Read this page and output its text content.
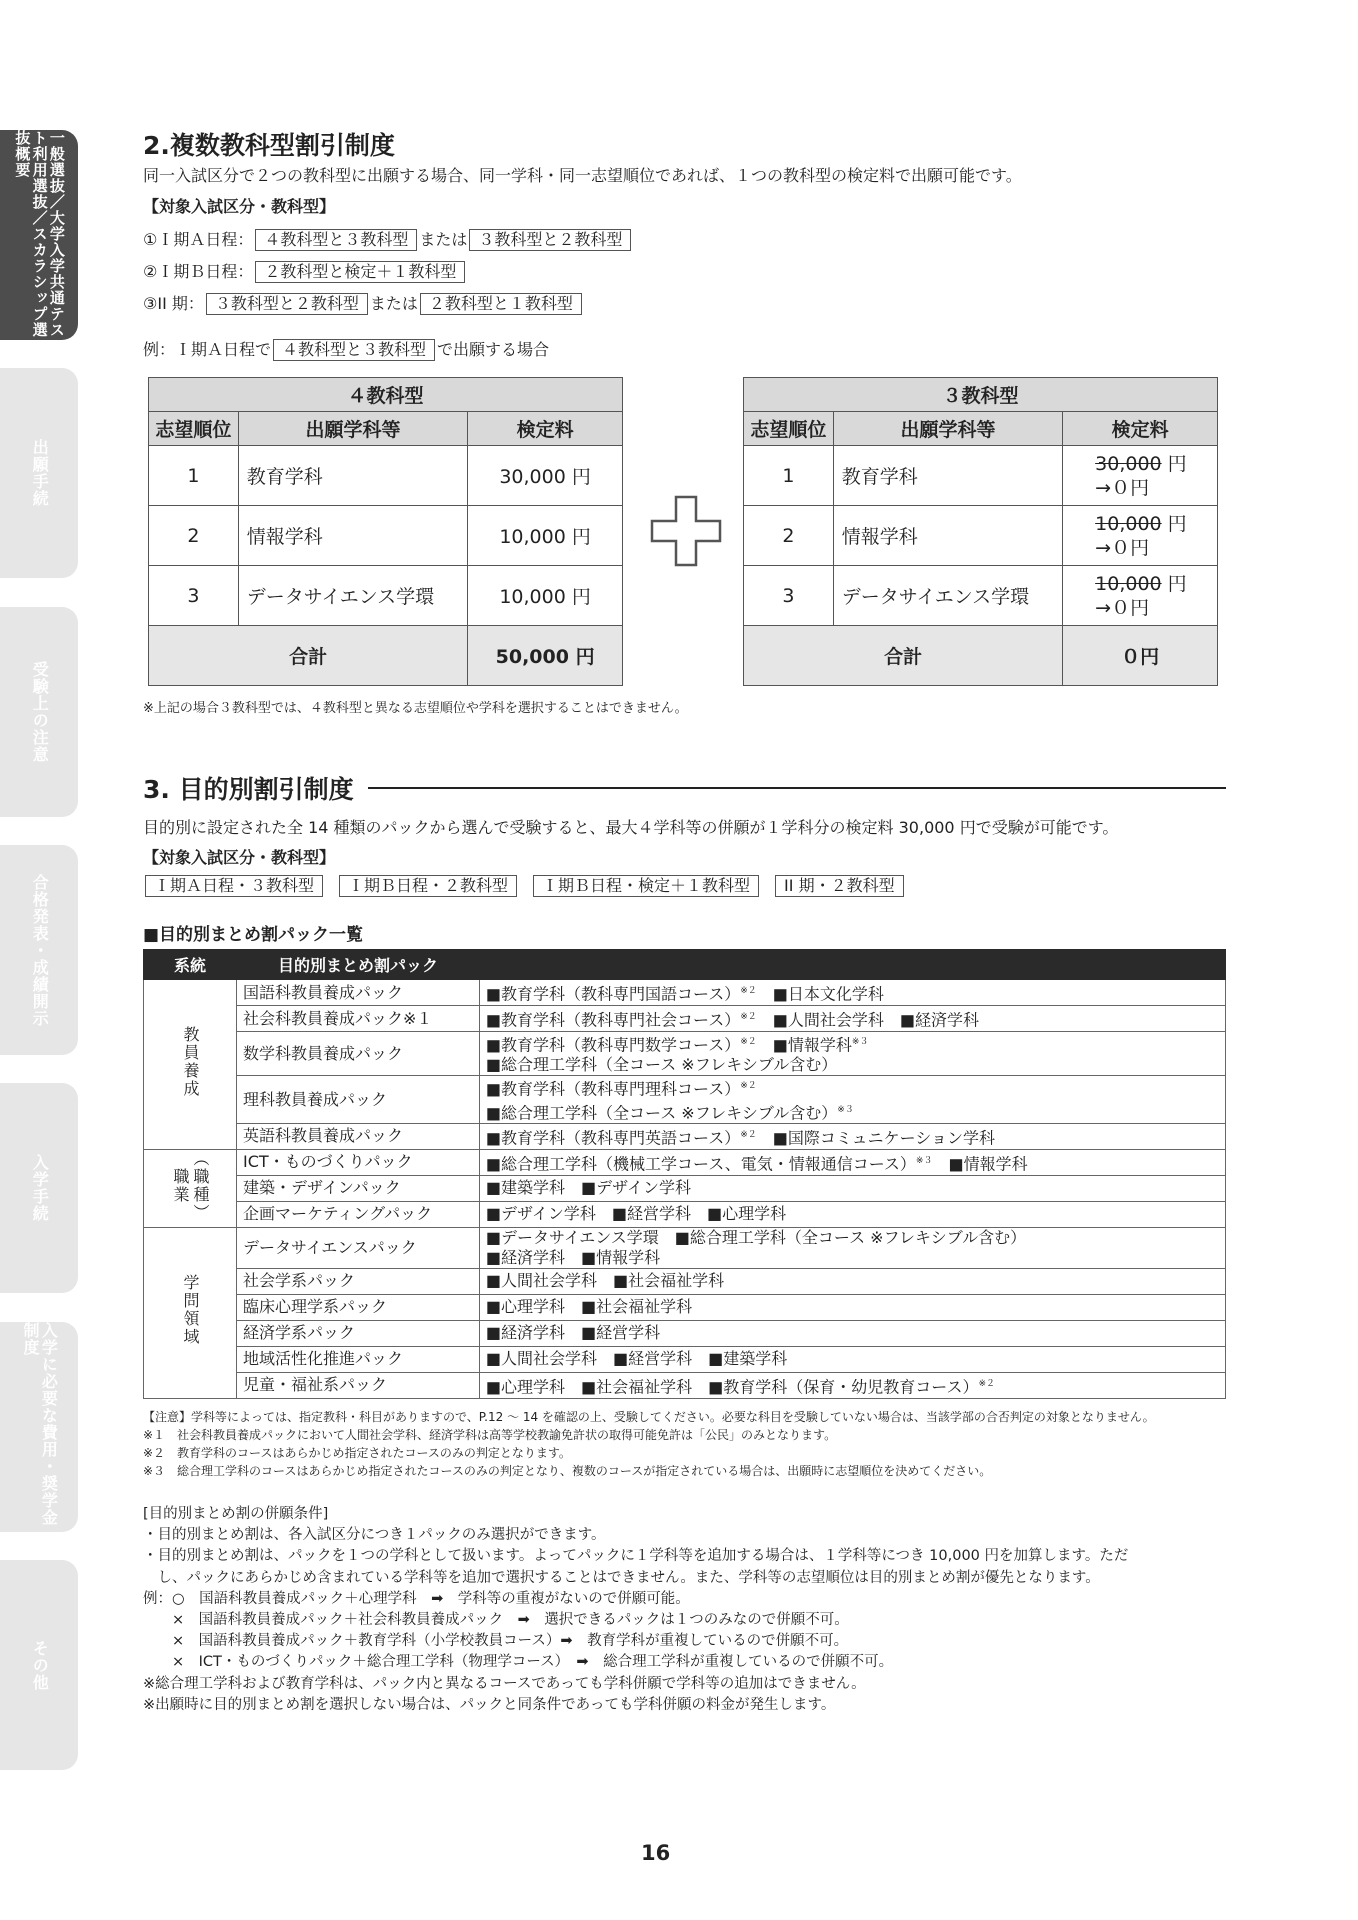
一般選抜／大学入学共通テスト利用選抜／スカラシップ選抜概要
出願手続
受験上の注意
合格発表・成績開示
入学手続
入学に必要な費用・奨学金制度
その他
2.複数教科型割引制度
同一入試区分で２つの教科型に出願する場合、同一学科・同一志望順位であれば、１つの教科型の検定料で出願可能です。
【対象入試区分・教科型】
①Ｉ期Ａ日程： ４教科型と３教科型 または ３教科型と２教科型
②Ｉ期Ｂ日程： ２教科型と検定＋１教科型
③II 期： ３教科型と２教科型 または ２教科型と１教科型
例：Ｉ期Ａ日程で ４教科型と３教科型 で出願する場合
４教科型		
志望順位	出願学科等	検定料
1	教育学科	30,000 円
2	情報学科	10,000 円
3	データサイエンス学環	10,000 円
合計		50,000 円
３教科型		
志望順位	出願学科等	検定料
1	教育学科	30,000 円
→０円
2	情報学科	10,000 円
→０円
3	データサイエンス学環	10,000 円
→０円
合計		０円
※上記の場合３教科型では、４教科型と異なる志望順位や学科を選択することはできません。
3. 目的別割引制度
目的別に設定された全 14 種類のパックから選んで受験すると、最大４学科等の併願が１学科分の検定料 30,000 円で受験が可能です。
【対象入試区分・教科型】
Ｉ期Ａ日程・３教科型 Ｉ期Ｂ日程・２教科型 Ｉ期Ｂ日程・検定＋１教科型 II 期・２教科型
■目的別まとめ割パック一覧
系統	目的別まとめ割パック	
教員養成	国語科教員養成パック	■教育学科（教科専門国語コース）$^{※2}$　■日本文化学科

	社会科教員養成パック※１	■教育学科（教科専門社会コース）$^{※2}$　■人間社会学科　■経済学科

	数学科教員養成パック	■教育学科（教科専門数学コース）$^{※2}$　■情報学科$^{※3}$
■総合理工学科（全コース ※フレキシブル含む）

	理科教員養成パック	■教育学科（教科専門理科コース）$^{※2}$
■総合理工学科（全コース ※フレキシブル含む）$^{※3}$

	英語科教員養成パック	■教育学科（教科専門英語コース）$^{※2}$　■国際コミュニケーション学科

（職種）職業	ICT・ものづくりパック	■総合理工学科（機械工学コース、電気・情報通信コース）$^{※3}$　■情報学科

	建築・デザインパック	■建築学科　■デザイン学科

	企画マーケティングパック	■デザイン学科　■経営学科　■心理学科

学問領域	データサイエンスパック	■データサイエンス学環　■総合理工学科（全コース ※フレキシブル含む）
■経済学科　■情報学科

	社会学系パック	■人間社会学科　■社会福祉学科

	臨床心理学系パック	■心理学科　■社会福祉学科

	経済学系パック	■経済学科　■経営学科

	地域活性化推進パック	■人間社会学科　■経営学科　■建築学科

	児童・福祉系パック	■心理学科　■社会福祉学科　■教育学科（保育・幼児教育コース）$^{※2}$
【注意】学科等によっては、指定教科・科目がありますので、P.12 ～ 14 を確認の上、受験してください。必要な科目を受験していない場合は、当該学部の合否判定の対象となりません。
※１　社会科教員養成パックにおいて人間社会学科、経済学科は高等学校教諭免許状の取得可能免許は「公民」のみとなります。
※２　教育学科のコースはあらかじめ指定されたコースのみの判定となります。
※３　総合理工学科のコースはあらかじめ指定されたコースのみの判定となり、複数のコースが指定されている場合は、出願時に志望順位を決めてください。
[目的別まとめ割の併願条件]
・目的別まとめ割は、各入試区分につき１パックのみ選択ができます。
・目的別まとめ割は、パックを１つの学科として扱います。よってパックに１学科等を追加する場合は、１学科等につき 10,000 円を加算します。ただ
　し、パックにあらかじめ含まれている学科等を追加で選択することはできません。また、学科等の志望順位は目的別まとめ割が優先となります。
例：○　国語科教員養成パック＋心理学科　➡　学科等の重複がないので併願可能。
　　×　国語科教員養成パック＋社会科教員養成パック　➡　選択できるパックは１つのみなので併願不可。
　　×　国語科教員養成パック＋教育学科（小学校教員コース）➡　教育学科が重複しているので併願不可。
　　×　ICT・ものづくりパック＋総合理工学科（物理学コース）　➡　総合理工学科が重複しているので併願不可。
※総合理工学科および教育学科は、パック内と異なるコースであっても学科併願で学科等の追加はできません。
※出願時に目的別まとめ割を選択しない場合は、パックと同条件であっても学科併願の料金が発生します。
16
